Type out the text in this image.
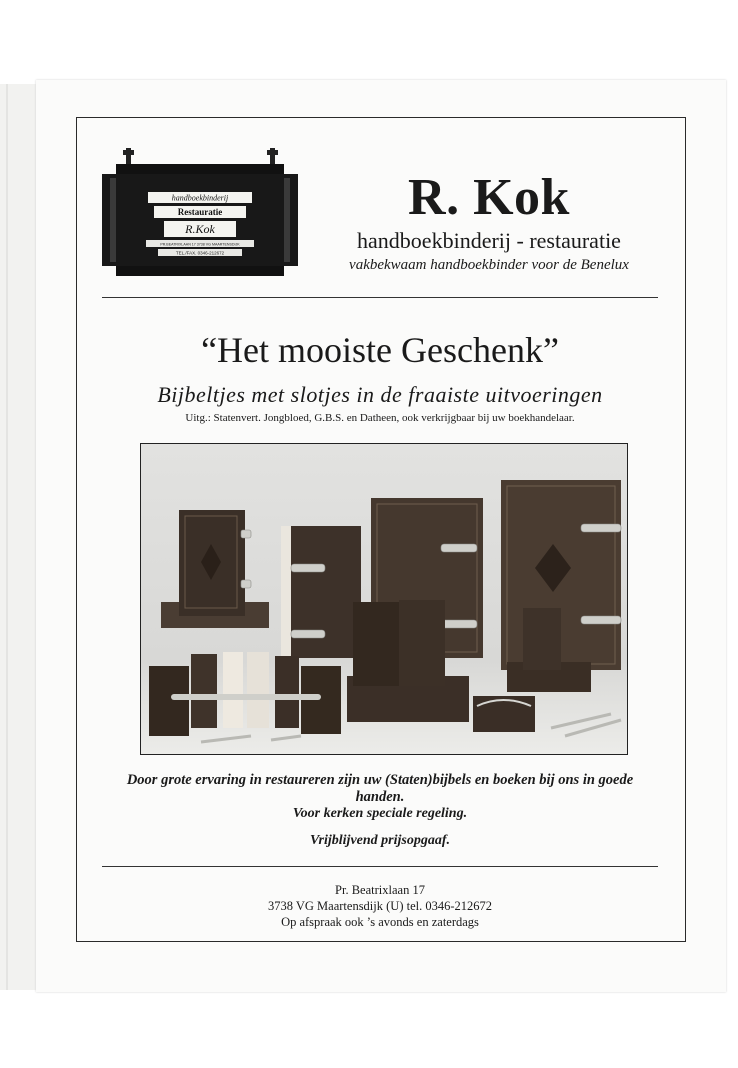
handboekbinderij
Restauratie
R.Kok
PR.BEATRIXLAAN 17 3738 VG MAARTENSDIJK
TEL./FAX. 0346-212672
R. Kok
handboekbinderij - restauratie
vakbekwaam handboekbinder voor de Benelux
“Het mooiste Geschenk”
Bijbeltjes met slotjes in de fraaiste uitvoeringen
Uitg.: Statenvert. Jongbloed, G.B.S. en Datheen, ook verkrijgbaar bij uw boekhandelaar.
Door grote ervaring in restaureren zijn uw (Staten)bijbels en boeken bij ons in goede handen.
Voor kerken speciale regeling.
Vrijblijvend prijsopgaaf.
Pr. Beatrixlaan 17
3738 VG Maartensdijk (U) tel. 0346-212672
Op afspraak ook ’s avonds en zaterdags
